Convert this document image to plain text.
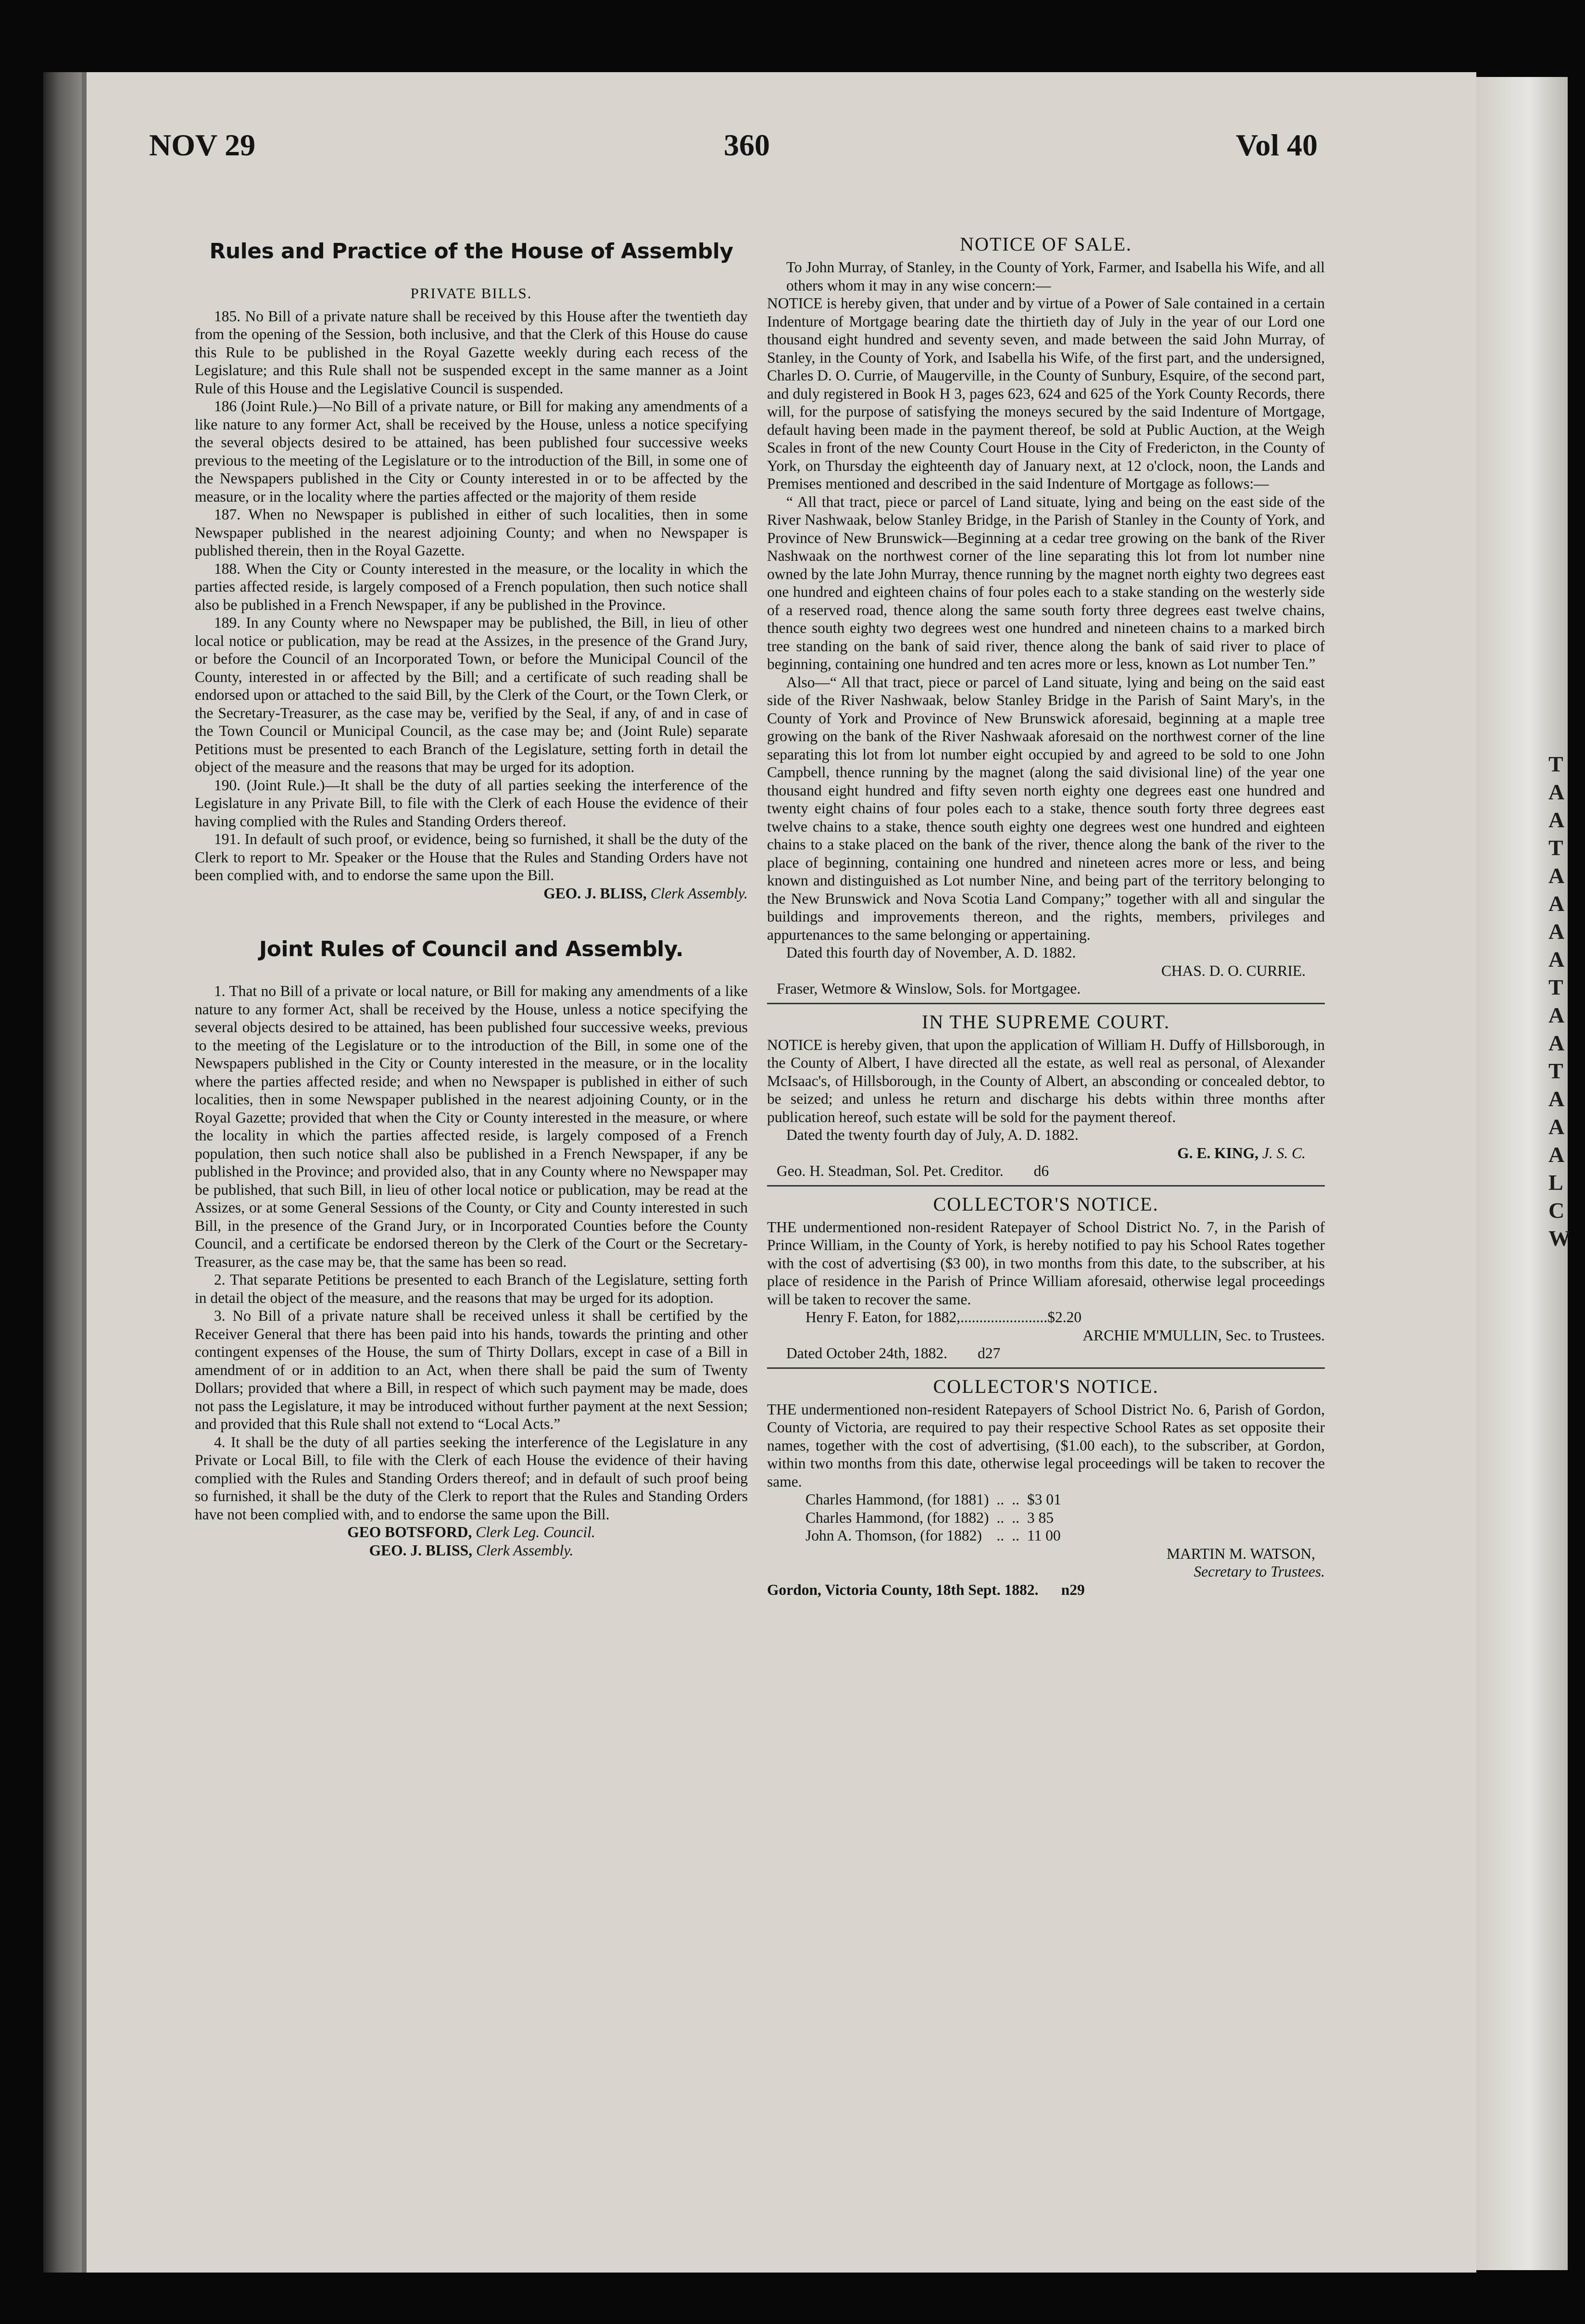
T
A
A
T
A
A
A
A
T
A
A
T
A
A
A
L
C
W
NOV 29	360	Vol 40
Rules and Practice of the House of Assembly
PRIVATE BILLS.

185. No Bill of a private nature shall be received by this House after the twentieth day from the opening of the Session, both inclusive, and that the Clerk of this House do cause this Rule to be published in the Royal Gazette weekly during each recess of the Legislature; and this Rule shall not be suspended except in the same manner as a Joint Rule of this House and the Legislative Council is suspended.

186 (Joint Rule.)—No Bill of a private nature, or Bill for making any amendments of a like nature to any former Act, shall be received by the House, unless a notice specifying the several objects desired to be attained, has been published four successive weeks previous to the meeting of the Legislature or to the introduction of the Bill, in some one of the Newspapers published in the City or County interested in or to be affected by the measure, or in the locality where the parties affected or the majority of them reside

187. When no Newspaper is published in either of such localities, then in some Newspaper published in the nearest adjoining County; and when no Newspaper is published therein, then in the Royal Gazette.

188. When the City or County interested in the measure, or the locality in which the parties affected reside, is largely composed of a French population, then such notice shall also be published in a French Newspaper, if any be published in the Province.

189. In any County where no Newspaper may be published, the Bill, in lieu of other local notice or publication, may be read at the Assizes, in the presence of the Grand Jury, or before the Council of an Incorporated Town, or before the Municipal Council of the County, interested in or affected by the Bill; and a certificate of such reading shall be endorsed upon or attached to the said Bill, by the Clerk of the Court, or the Town Clerk, or the Secretary-Treasurer, as the case may be, verified by the Seal, if any, of and in case of the Town Council or Municipal Council, as the case may be; and (Joint Rule) separate Petitions must be presented to each Branch of the Legislature, setting forth in detail the object of the measure and the reasons that may be urged for its adoption.

190. (Joint Rule.)—It shall be the duty of all parties seeking the interference of the Legislature in any Private Bill, to file with the Clerk of each House the evidence of their having complied with the Rules and Standing Orders thereof.

191. In default of such proof, or evidence, being so furnished, it shall be the duty of the Clerk to report to Mr. Speaker or the House that the Rules and Standing Orders have not been complied with, and to endorse the same upon the Bill.

GEO. J. BLISS, Clerk Assembly.
Joint Rules of Council and Assembly.

1. That no Bill of a private or local nature, or Bill for making any amendments of a like nature to any former Act, shall be received by the House, unless a notice specifying the several objects desired to be attained, has been published four successive weeks, previous to the meeting of the Legislature or to the introduction of the Bill, in some one of the Newspapers published in the City or County interested in the measure, or in the locality where the parties affected reside; and when no Newspaper is published in either of such localities, then in some Newspaper published in the nearest adjoining County, or in the Royal Gazette; provided that when the City or County interested in the measure, or where the locality in which the parties affected reside, is largely composed of a French population, then such notice shall also be published in a French Newspaper, if any be published in the Province; and provided also, that in any County where no Newspaper may be published, that such Bill, in lieu of other local notice or publication, may be read at the Assizes, or at some General Sessions of the County, or City and County interested in such Bill, in the presence of the Grand Jury, or in Incorporated Counties before the County Council, and a certificate be endorsed thereon by the Clerk of the Court or the Secretary-Treasurer, as the case may be, that the same has been so read.

2. That separate Petitions be presented to each Branch of the Legislature, setting forth in detail the object of the measure, and the reasons that may be urged for its adoption.

3. No Bill of a private nature shall be received unless it shall be certified by the Receiver General that there has been paid into his hands, towards the printing and other contingent expenses of the House, the sum of Thirty Dollars, except in case of a Bill in amendment of or in addition to an Act, when there shall be paid the sum of Twenty Dollars; provided that where a Bill, in respect of which such payment may be made, does not pass the Legislature, it may be introduced without further payment at the next Session; and provided that this Rule shall not extend to “Local Acts.”

4. It shall be the duty of all parties seeking the interference of the Legislature in any Private or Local Bill, to file with the Clerk of each House the evidence of their having complied with the Rules and Standing Orders thereof; and in default of such proof being so furnished, it shall be the duty of the Clerk to report that the Rules and Standing Orders have not been complied with, and to endorse the same upon the Bill.

GEO BOTSFORD, Clerk Leg. Council.
GEO. J. BLISS, Clerk Assembly.
NOTICE OF SALE.

To John Murray, of Stanley, in the County of York, Farmer, and Isabella his Wife, and all others whom it may in any wise concern:—

NOTICE is hereby given, that under and by virtue of a Power of Sale contained in a certain Indenture of Mortgage bearing date the thirtieth day of July in the year of our Lord one thousand eight hundred and seventy seven, and made between the said John Murray, of Stanley, in the County of York, and Isabella his Wife, of the first part, and the undersigned, Charles D. O. Currie, of Maugerville, in the County of Sunbury, Esquire, of the second part, and duly registered in Book H 3, pages 623, 624 and 625 of the York County Records, there will, for the purpose of satisfying the moneys secured by the said Indenture of Mortgage, default having been made in the payment thereof, be sold at Public Auction, at the Weigh Scales in front of the new County Court House in the City of Fredericton, in the County of York, on Thursday the eighteenth day of January next, at 12 o'clock, noon, the Lands and Premises mentioned and described in the said Indenture of Mortgage as follows:—

“ All that tract, piece or parcel of Land situate, lying and being on the east side of the River Nashwaak, below Stanley Bridge, in the Parish of Stanley in the County of York, and Province of New Brunswick—Beginning at a cedar tree growing on the bank of the River Nashwaak on the northwest corner of the line separating this lot from lot number nine owned by the late John Murray, thence running by the magnet north eighty two degrees east one hundred and eighteen chains of four poles each to a stake standing on the westerly side of a reserved road, thence along the same south forty three degrees east twelve chains, thence south eighty two degrees west one hundred and nineteen chains to a marked birch tree standing on the bank of said river, thence along the bank of said river to place of beginning, containing one hundred and ten acres more or less, known as Lot number Ten.”

Also—“ All that tract, piece or parcel of Land situate, lying and being on the said east side of the River Nashwaak, below Stanley Bridge in the Parish of Saint Mary's, in the County of York and Province of New Brunswick aforesaid, beginning at a maple tree growing on the bank of the River Nashwaak aforesaid on the northwest corner of the line separating this lot from lot number eight occupied by and agreed to be sold to one John Campbell, thence running by the magnet (along the said divisional line) of the year one thousand eight hundred and fifty seven north eighty one degrees east one hundred and twenty eight chains of four poles each to a stake, thence south forty three degrees east twelve chains to a stake, thence south eighty one degrees west one hundred and eighteen chains to a stake placed on the bank of the river, thence along the bank of the river to the place of beginning, containing one hundred and nineteen acres more or less, and being known and distinguished as Lot number Nine, and being part of the territory belonging to the New Brunswick and Nova Scotia Land Company;” together with all and singular the buildings and improvements thereon, and the rights, members, privileges and appurtenances to the same belonging or appertaining.

Dated this fourth day of November, A. D. 1882.

CHAS. D. O. CURRIE.
Fraser, Wetmore & Winslow, Sols. for Mortgagee.
IN THE SUPREME COURT.

NOTICE is hereby given, that upon the application of William H. Duffy of Hillsborough, in the County of Albert, I have directed all the estate, as well real as personal, of Alexander McIsaac's, of Hillsborough, in the County of Albert, an absconding or concealed debtor, to be seized; and unless he return and discharge his debts within three months after publication hereof, such estate will be sold for the payment thereof.

Dated the twenty fourth day of July, A. D. 1882.

G. E. KING, J. S. C.
Geo. H. Steadman, Sol. Pet. Creditor. d6
COLLECTOR'S NOTICE.

THE undermentioned non-resident Ratepayer of School District No. 7, in the Parish of Prince William, in the County of York, is hereby notified to pay his School Rates together with the cost of advertising ($3 00), in two months from this date, to the subscriber, at his place of residence in the Parish of Prince William aforesaid, otherwise legal proceedings will be taken to recover the same.

Henry F. Eaton, for 1882,.......................$2.20
ARCHIE M'MULLIN, Sec. to Trustees.
Dated October 24th, 1882. d27
COLLECTOR'S NOTICE.

THE undermentioned non-resident Ratepayers of School District No. 6, Parish of Gordon, County of Victoria, are required to pay their respective School Rates as set opposite their names, together with the cost of advertising, ($1.00 each), to the subscriber, at Gordon, within two months from this date, otherwise legal proceedings will be taken to recover the same.

Charles Hammond, (for 1881)	..	..	$3 01
Charles Hammond, (for 1882)	..	..	3 85
John A. Thomson, (for 1882)	..	..	11 00
MARTIN M. WATSON,
Secretary to Trustees.
Gordon, Victoria County, 18th Sept. 1882. n29
